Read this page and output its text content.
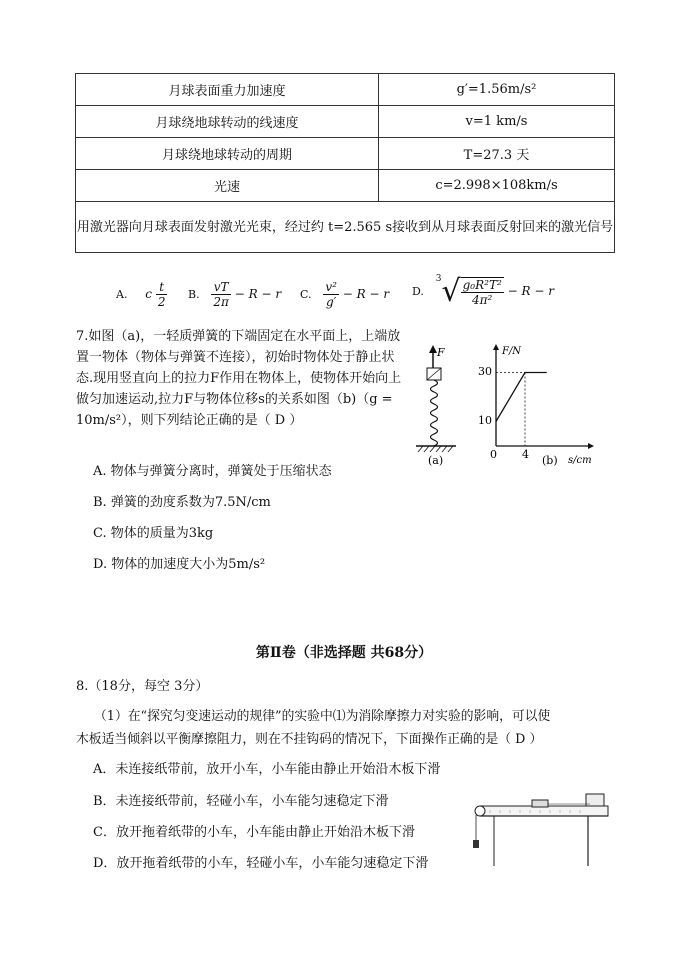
月球表面重力加速度	g′=1.56m/s²
月球绕地球转动的线速度	v=1 km/s
月球绕地球转动的周期	T=27.3 天
光速	c=2.998×108km/s
用激光器向月球表面发射激光光束，经过约 t=2.565 s接收到从月球表面反射回来的激光信号	
A. c $\frac{t}{2} B$. $\frac{vT}{2\pi} - R - r$ C. $\frac{\text{v²}}{g'} - R - r$ D. $^3√ \frac{\text{g₀R²T²}}{\text{4π²}} - R - r$
7.如图（a)，一轻质弹簧的下端固定在水平面上，上端放置一物体（物体与弹簧不连接），初始时物体处于静止状态.现用竖直向上的拉力F作用在物体上，使物体开始向上做匀加速运动,拉力F与物体位移s的关系如图（b)（g = 10m/s²），则下列结论正确的是（ D ）
F
(a)
F/N
s/cm
30
10
0 4 (b)
A. 物体与弹簧分离时，弹簧处于压缩状态
B. 弹簧的劲度系数为7.5N/cm
C. 物体的质量为3kg
D. 物体的加速度大小为5m/s²
第Ⅱ卷（非选择题 共68分）
8.（18分，每空 3分）
（1）在“探究匀变速运动的规律”的实验中⑴为消除摩擦力对实验的影响，可以使
木板适当倾斜以平衡摩擦阻力，则在不挂钩码的情况下，下面操作正确的是（ D ）
A．未连接纸带前，放开小车，小车能由静止开始沿木板下滑
B．未连接纸带前，轻碰小车，小车能匀速稳定下滑
C．放开拖着纸带的小车，小车能由静止开始沿木板下滑
D．放开拖着纸带的小车，轻碰小车，小车能匀速稳定下滑
